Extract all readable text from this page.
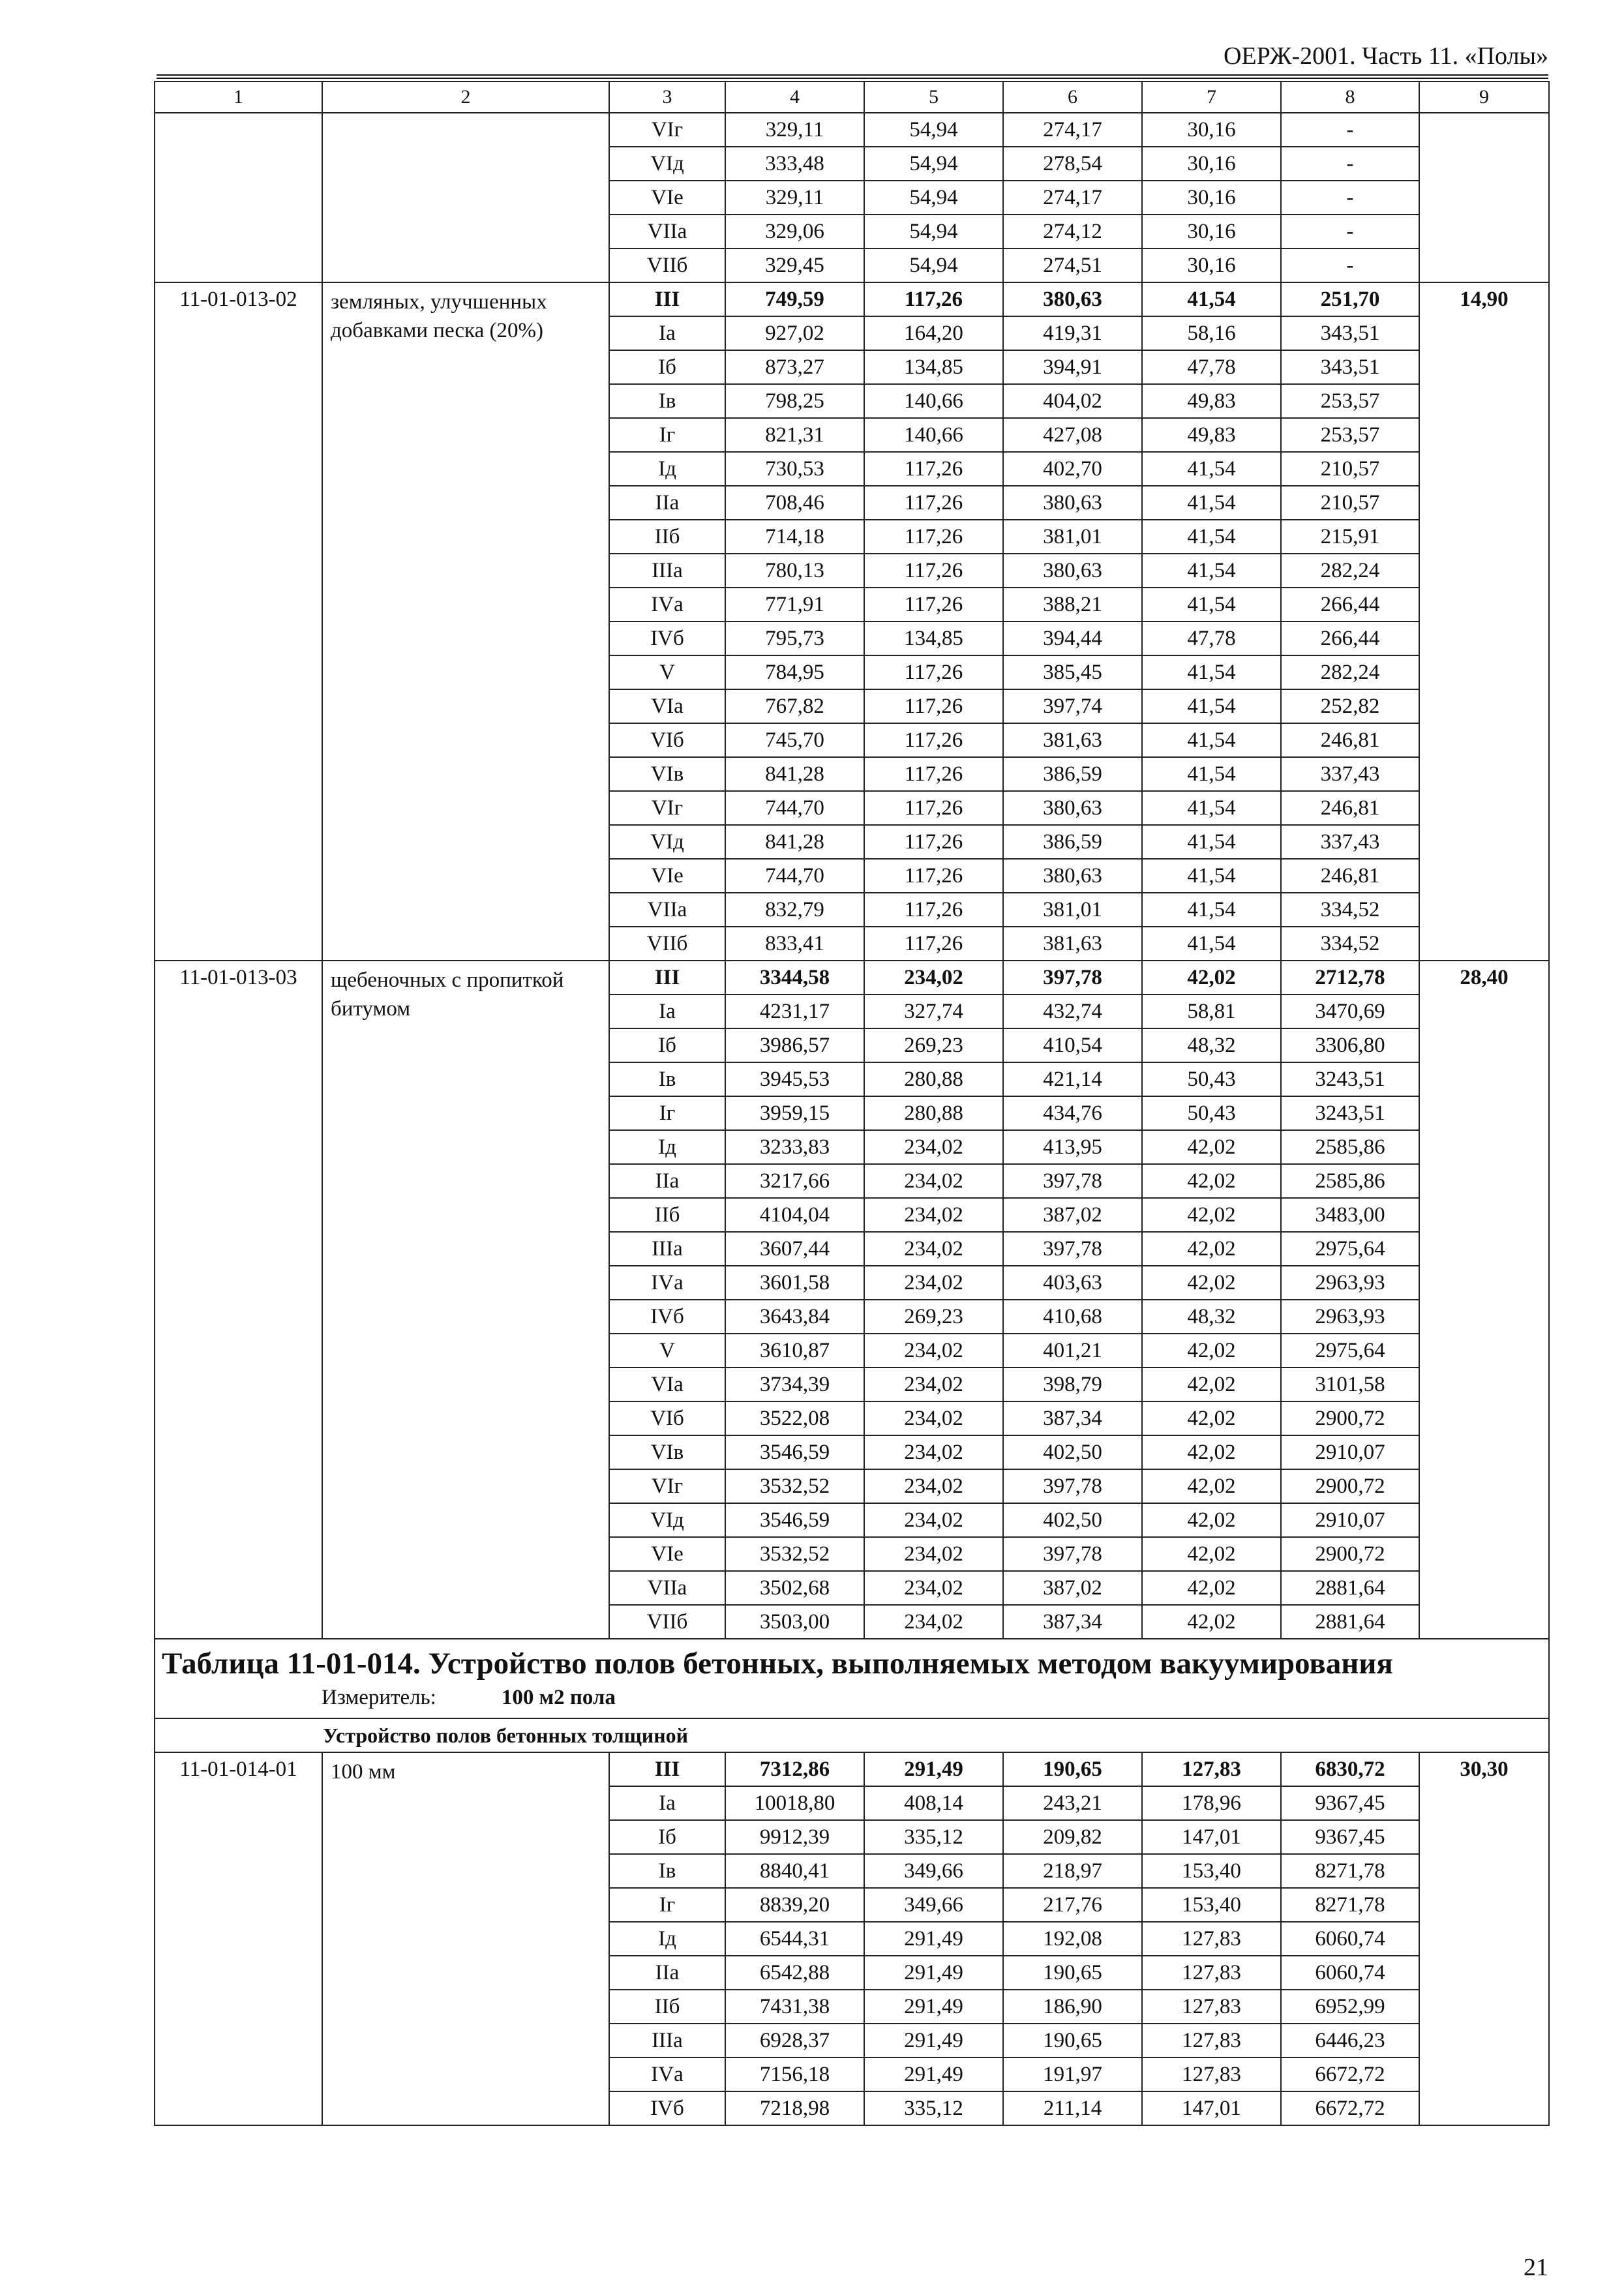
ОЕРЖ-2001. Часть 11. «Полы»
1	2	3	4	5	6	7	8	9
		VIг	329,11	54,94	274,17	30,16	-	
		VIд	333,48	54,94	278,54	30,16	-	
		VIе	329,11	54,94	274,17	30,16	-	
		VIIа	329,06	54,94	274,12	30,16	-	
		VIIб	329,45	54,94	274,51	30,16	-	
11-01-013-02	земляных, улучшенных добавками песка (20%)	III	749,59	117,26	380,63	41,54	251,70	14,90
		Iа	927,02	164,20	419,31	58,16	343,51	
		Iб	873,27	134,85	394,91	47,78	343,51	
		Iв	798,25	140,66	404,02	49,83	253,57	
		Iг	821,31	140,66	427,08	49,83	253,57	
		Iд	730,53	117,26	402,70	41,54	210,57	
		IIа	708,46	117,26	380,63	41,54	210,57	
		IIб	714,18	117,26	381,01	41,54	215,91	
		IIIа	780,13	117,26	380,63	41,54	282,24	
		IVа	771,91	117,26	388,21	41,54	266,44	
		IVб	795,73	134,85	394,44	47,78	266,44	
		V	784,95	117,26	385,45	41,54	282,24	
		VIа	767,82	117,26	397,74	41,54	252,82	
		VIб	745,70	117,26	381,63	41,54	246,81	
		VIв	841,28	117,26	386,59	41,54	337,43	
		VIг	744,70	117,26	380,63	41,54	246,81	
		VIд	841,28	117,26	386,59	41,54	337,43	
		VIе	744,70	117,26	380,63	41,54	246,81	
		VIIа	832,79	117,26	381,01	41,54	334,52	
		VIIб	833,41	117,26	381,63	41,54	334,52	
11-01-013-03	щебеночных с пропиткой битумом	III	3344,58	234,02	397,78	42,02	2712,78	28,40
		Iа	4231,17	327,74	432,74	58,81	3470,69	
		Iб	3986,57	269,23	410,54	48,32	3306,80	
		Iв	3945,53	280,88	421,14	50,43	3243,51	
		Iг	3959,15	280,88	434,76	50,43	3243,51	
		Iд	3233,83	234,02	413,95	42,02	2585,86	
		IIа	3217,66	234,02	397,78	42,02	2585,86	
		IIб	4104,04	234,02	387,02	42,02	3483,00	
		IIIа	3607,44	234,02	397,78	42,02	2975,64	
		IVа	3601,58	234,02	403,63	42,02	2963,93	
		IVб	3643,84	269,23	410,68	48,32	2963,93	
		V	3610,87	234,02	401,21	42,02	2975,64	
		VIа	3734,39	234,02	398,79	42,02	3101,58	
		VIб	3522,08	234,02	387,34	42,02	2900,72	
		VIв	3546,59	234,02	402,50	42,02	2910,07	
		VIг	3532,52	234,02	397,78	42,02	2900,72	
		VIд	3546,59	234,02	402,50	42,02	2910,07	
		VIе	3532,52	234,02	397,78	42,02	2900,72	
		VIIа	3502,68	234,02	387,02	42,02	2881,64	
		VIIб	3503,00	234,02	387,34	42,02	2881,64	

Таблица 11-01-014. Устройство полов бетонных, выполняемых методом вакуумирования
Измеритель: 100 м2 пола								

Устройство полов бетонных толщиной								
11-01-014-01	100 мм	III	7312,86	291,49	190,65	127,83	6830,72	30,30
		Iа	10018,80	408,14	243,21	178,96	9367,45	
		Iб	9912,39	335,12	209,82	147,01	9367,45	
		Iв	8840,41	349,66	218,97	153,40	8271,78	
		Iг	8839,20	349,66	217,76	153,40	8271,78	
		Iд	6544,31	291,49	192,08	127,83	6060,74	
		IIа	6542,88	291,49	190,65	127,83	6060,74	
		IIб	7431,38	291,49	186,90	127,83	6952,99	
		IIIа	6928,37	291,49	190,65	127,83	6446,23	
		IVа	7156,18	291,49	191,97	127,83	6672,72	
		IVб	7218,98	335,12	211,14	147,01	6672,72	
21
